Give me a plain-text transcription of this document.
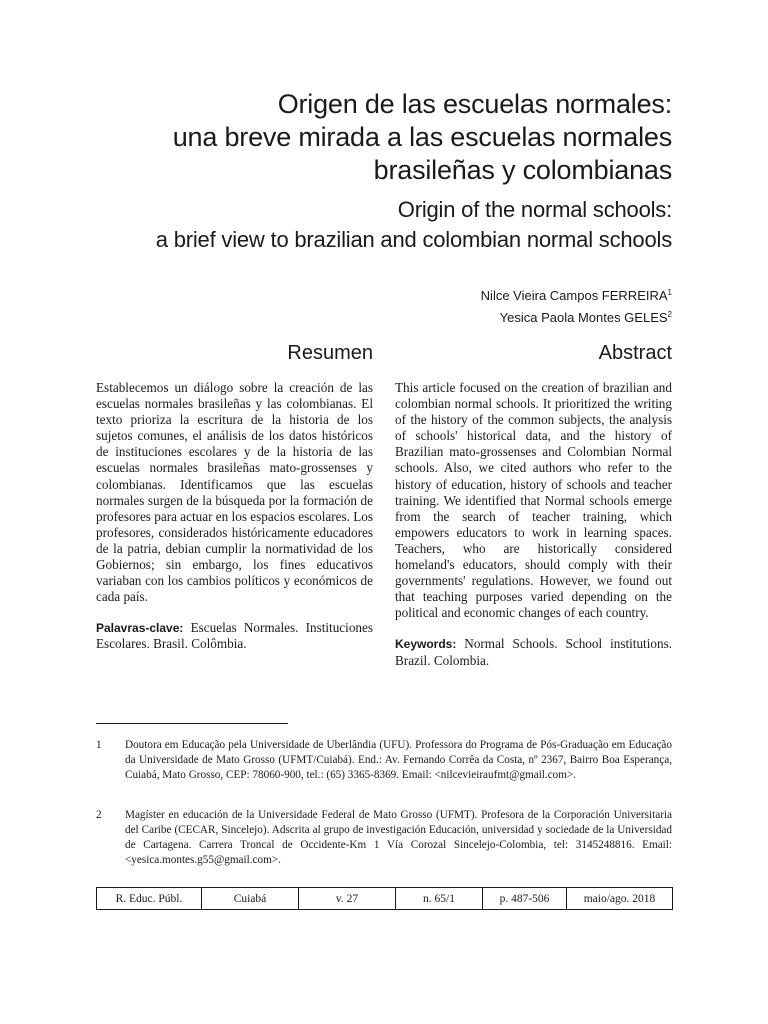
Origen de las escuelas normales:
una breve mirada a las escuelas normales
brasileñas y colombianas
Origin of the normal schools:
a brief view to brazilian and colombian normal schools
Nilce Vieira Campos FERREIRA$^1$
Yesica Paola Montes GELES$^2$
Resumen
Establecemos un diálogo sobre la creación de las escuelas normales brasileñas y las colombianas. El texto prioriza la escritura de la historia de los sujetos comunes, el análisis de los datos históricos de instituciones escolares y de la historia de las escuelas normales brasileñas mato-grossenses y colombianas. Identificamos que las escuelas normales surgen de la búsqueda por la formación de profesores para actuar en los espacios escolares. Los profesores, considerados históricamente educadores de la patria, debian cumplir la normatividad de los Gobiernos; sin embargo, los fines educativos variaban con los cambios políticos y económicos de cada país.
Palavras-clave: Escuelas Normales. Instituciones Escolares. Brasil. Colômbia.
Abstract
This article focused on the creation of brazilian and colombian normal schools. It prioritized the writing of the history of the common subjects, the analysis of schools' historical data, and the history of Brazilian mato-grossenses and Colombian Normal schools. Also, we cited authors who refer to the history of education, history of schools and teacher training. We identified that Normal schools emerge from the search of teacher training, which empowers educators to work in learning spaces. Teachers, who are historically considered homeland's educators, should comply with their governments' regulations. However, we found out that teaching purposes varied depending on the political and economic changes of each country.
Keywords: Normal Schools. School institutions. Brazil. Colombia.
1 Doutora em Educação pela Universidade de Uberlândia (UFU). Professora do Programa de Pós-Graduação em Educação da Universidade de Mato Grosso (UFMT/Cuiabá). End.: Av. Fernando Corrêa da Costa, nº 2367, Bairro Boa Esperança, Cuiabá, Mato Grosso, CEP: 78060-900, tel.: (65) 3365-8369. Email: <nilcevieiraufmt@gmail.com>.
2 Magíster en educación de la Universidade Federal de Mato Grosso (UFMT). Profesora de la Corporación Universitaria del Caribe (CECAR, Sincelejo). Adscrita al grupo de investigación Educación, universidad y sociedade de la Universidad de Cartagena. Carrera Troncal de Occidente-Km 1 Vía Corozal Sincelejo-Colombia, tel: 3145248816. Email: <yesica.montes.g55@gmail.com>.
R. Educ. Públ.	Cuiabá	v. 27	n. 65/1	p. 487-506	maio/ago. 2018
